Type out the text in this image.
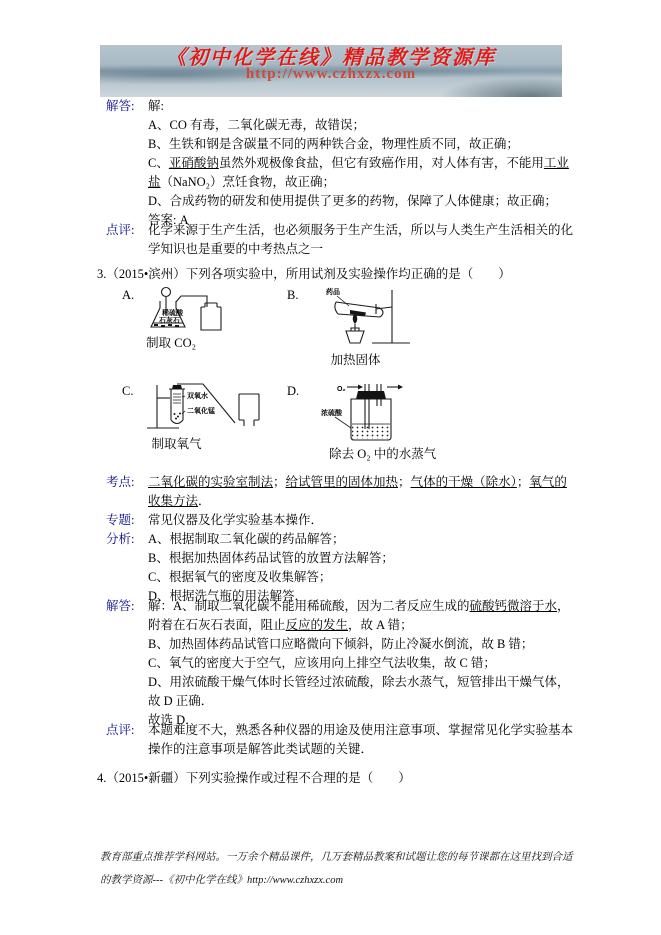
《初中化学在线》精品教学资源库
http://www.czhxzx.com
解答:	解:
A、CO 有毒，二氧化碳无毒，故错误；
B、生铁和钢是含碳量不同的两种铁合金，物理性质不同，故正确；
C、亚硝酸钠虽然外观极像食盐，但它有致癌作用，对人体有害，不能用工业盐（NaNO₂）烹饪食物，故正确；
D、合成药物的研发和使用提供了更多的药物，保障了人体健康；故正确；
答案: A
点评:	化学来源于生产生活，也必须服务于生产生活，所以与人类生产生活相关的化学知识也是重要的中考热点之一
3.（2015•滨州）下列各项实验中，所用试剂及实验操作均正确的是（　　）
A.
稀硫酸
石灰石
制取 CO₂
B.	药品
加热固体
C.	双氧水
二氧化锰
制取氧气
D.	O₂
浓硫酸
除去 O₂ 中的水蒸气
考点:	二氧化碳的实验室制法；给试管里的固体加热；气体的干燥（除水）；氧气的收集方法．
专题:	常见仪器及化学实验基本操作．
分析:	A、根据制取二氧化碳的药品解答；
B、根据加热固体药品试管的放置方法解答；
C、根据氧气的密度及收集解答；
D、根据洗气瓶的用法解答．
解答:	解：A、制取二氧化碳不能用稀硫酸，因为二者反应生成的硫酸钙微溶于水，附着在石灰石表面，阻止反应的发生，故 A 错；
B、加热固体药品试管口应略微向下倾斜，防止冷凝水倒流，故 B 错；
C、氧气的密度大于空气，应该用向上排空气法收集，故 C 错；
D、用浓硫酸干燥气体时长管经过浓硫酸，除去水蒸气，短管排出干燥气体，故 D 正确．
故选 D．
点评:	本题难度不大，熟悉各种仪器的用途及使用注意事项、掌握常见化学实验基本操作的注意事项是解答此类试题的关键．
4.（2015•新疆）下列实验操作或过程不合理的是（　　）
教育部重点推荐学科网站。一万余个精品课件，几万套精品教案和试题让您的每节课都在这里找到合适的教学资源---《初中化学在线》http://www.czhxzx.com
